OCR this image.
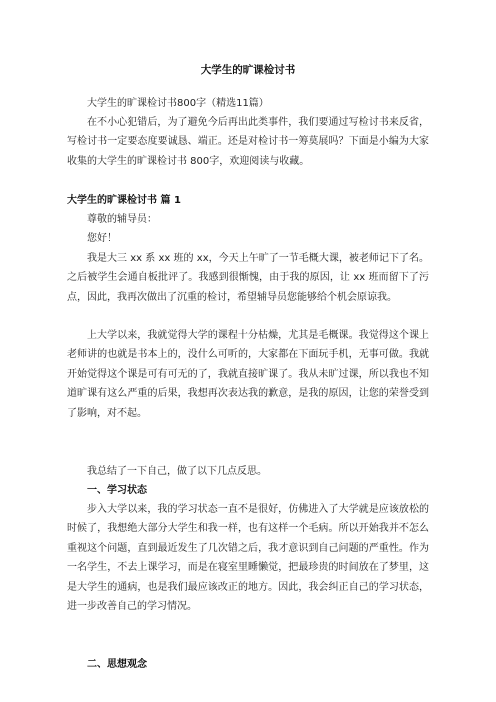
大学生的旷课检讨书
大学生的旷课检讨书800字（精选11篇）
在不小心犯错后，为了避免今后再出此类事件，我们要通过写检讨书来反省，写检讨书一定要态度要诚恳、端正。还是对检讨书一筹莫展吗？下面是小编为大家收集的大学生的旷课检讨书 800字，欢迎阅读与收藏。
大学生的旷课检讨书 篇 1
尊敬的辅导员：
您好！
我是大三 xx 系 xx 班的 xx，今天上午旷了一节毛概大课，被老师记下了名。之后被学生会通自板批评了。我感到很惭愧，由于我的原因，让 xx 班而留下了污点，因此，我再次做出了沉重的检讨，希望辅导员您能够给个机会原谅我。
上大学以来，我就觉得大学的课程十分枯燥，尤其是毛概课。我觉得这个课上老师讲的也就是书本上的，没什么可听的，大家都在下面玩手机，无事可做。我就开始觉得这个课是可有可无的了，我就直接旷课了。我从未旷过课，所以我也不知道旷课有这么严重的后果，我想再次表达我的歉意，是我的原因，让您的荣誉受到了影响，对不起。
我总结了一下自己，做了以下几点反思。
一、学习状态
步入大学以来，我的学习状态一直不是很好，仿佛进入了大学就是应该放松的时候了，我想绝大部分大学生和我一样，也有这样一个毛病。所以开始我并不怎么重视这个问题，直到最近发生了几次错之后，我才意识到自己问题的严重性。作为一名学生，不去上课学习，而是在寝室里睡懒觉，把最珍贵的时间放在了梦里，这是大学生的通病，也是我们最应该改正的地方。因此，我会纠正自己的学习状态，进一步改善自己的学习情况。
二、思想观念
